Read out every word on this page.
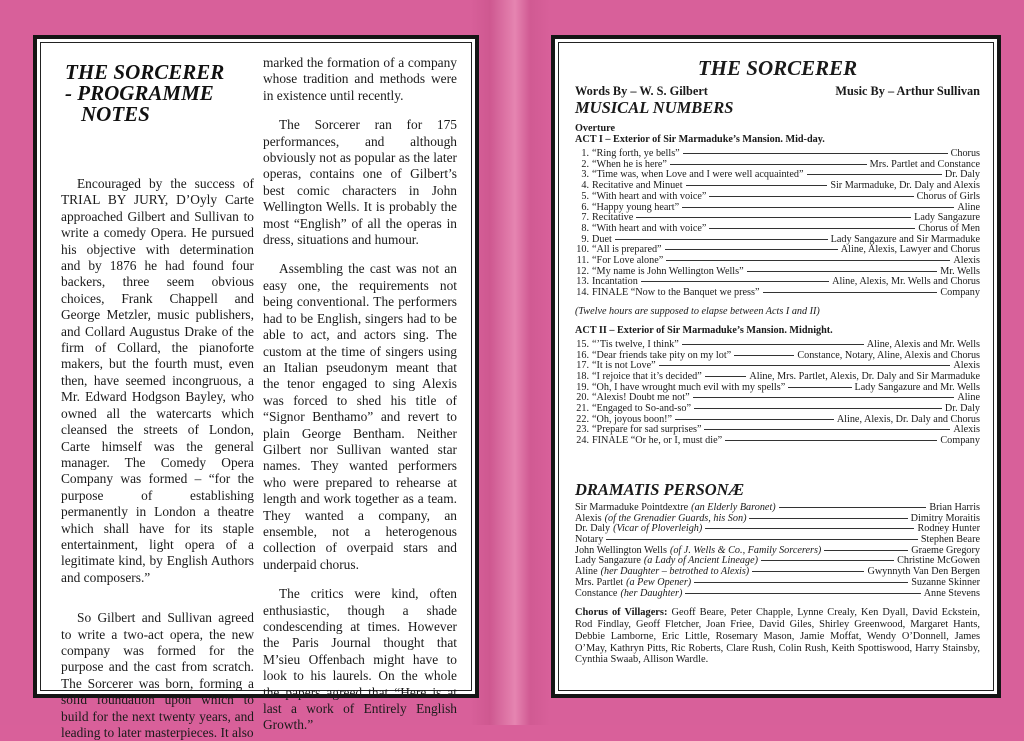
THE SORCERER
- PROGRAMME
NOTES

Encouraged by the success of TRIAL BY JURY, D’Oyly Carte approached Gilbert and Sullivan to write a comedy Opera. He pursued his objective with determination and by 1876 he had found four backers, three seem obvious choices, Frank Chappell and George Metzler, music publishers, and Collard Augustus Drake of the firm of Collard, the pianoforte makers, but the fourth must, even then, have seemed incongruous, a Mr. Edward Hodgson Bayley, who owned all the watercarts which cleansed the streets of London, Carte himself was the general manager. The Comedy Opera Company was formed – “for the purpose of establishing permanently in London a theatre which shall have for its staple entertainment, light opera of a legitimate kind, by English Authors and composers.”

So Gilbert and Sullivan agreed to write a two-act opera, the new company was formed for the purpose and the cast from scratch. The Sorcerer was born, forming a solid foundation upon which to build for the next twenty years, and leading to later masterpieces. It also

marked the formation of a company whose tradition and methods were in existence until recently.

The Sorcerer ran for 175 performances, and although obviously not as popular as the later operas, contains one of Gilbert’s best comic characters in John Wellington Wells. It is probably the most “English” of all the operas in dress, situations and humour.

Assembling the cast was not an easy one, the requirements not being conventional. The performers had to be English, singers had to be able to act, and actors sing. The custom at the time of singers using an Italian pseudonym meant that the tenor engaged to sing Alexis was forced to shed his title of “Signor Benthamo” and revert to plain George Bentham. Neither Gilbert nor Sullivan wanted star names. They wanted performers who were prepared to rehearse at length and work together as a team. They wanted a company, an ensemble, not a heterogenous collection of overpaid stars and underpaid chorus.

The critics were kind, often enthusiastic, though a shade condescending at times. However the Paris Journal thought that M’sieu Offenbach might have to look to his laurels. On the whole the papers agreed that “Here is at last a work of Entirely English Growth.”

THE SORCERER
Words By – W. S. Gilbert	Music By – Arthur Sullivan
MUSICAL NUMBERS
Overture
ACT I – Exterior of Sir Marmaduke’s Mansion. Mid-day.
1. “Ring forth, ye bells”	Chorus
2. “When he is here”	Mrs. Partlet and Constance
3. “Time was, when Love and I were well acquainted”	Dr. Daly
4. Recitative and Minuet	Sir Marmaduke, Dr. Daly and Alexis
5. “With heart and with voice”	Chorus of Girls
6. “Happy young heart”	Aline
7. Recitative	Lady Sangazure
8. “With heart and with voice”	Chorus of Men
9. Duet	Lady Sangazure and Sir Marmaduke
10. “All is prepared”	Aline, Alexis, Lawyer and Chorus
11. “For Love alone”	Alexis
12. “My name is John Wellington Wells”	Mr. Wells
13. Incantation	Aline, Alexis, Mr. Wells and Chorus
14. FINALE “Now to the Banquet we press”	Company
(Twelve hours are supposed to elapse between Acts I and II)
ACT II – Exterior of Sir Marmaduke’s Mansion. Midnight.
15. “’Tis twelve, I think”	Aline, Alexis and Mr. Wells
16. “Dear friends take pity on my lot”	Constance, Notary, Aline, Alexis and Chorus
17. “It is not Love”	Alexis
18. “I rejoice that it’s decided”	Aline, Mrs. Partlet, Alexis, Dr. Daly and Sir Marmaduke
19. “Oh, I have wrought much evil with my spells”	Lady Sangazure and Mr. Wells
20. “Alexis! Doubt me not”	Aline
21. “Engaged to So-and-so”	Dr. Daly
22. “Oh, joyous boon!”	Aline, Alexis, Dr. Daly and Chorus
23. “Prepare for sad surprises”	Alexis
24. FINALE “Or he, or I, must die”	Company
DRAMATIS PERSONÆ
Sir Marmaduke Pointdextre (an Elderly Baronet)	Brian Harris
Alexis (of the Grenadier Guards, his Son)	Dimitry Moraitis
Dr. Daly (Vicar of Ploverleigh)	Rodney Hunter
Notary	Stephen Beare
John Wellington Wells (of J. Wells & Co., Family Sorcerers)	Graeme Gregory
Lady Sangazure (a Lady of Ancient Lineage)	Christine McGowen
Aline (her Daughter – betrothed to Alexis)	Gwynnyth Van Den Bergen
Mrs. Partlet (a Pew Opener)	Suzanne Skinner
Constance (her Daughter)	Anne Stevens
Chorus of Villagers: Geoff Beare, Peter Chapple, Lynne Crealy, Ken Dyall, David Eckstein, Rod Findlay, Geoff Fletcher, Joan Friee, David Giles, Shirley Greenwood, Margaret Hants, Debbie Lamborne, Eric Little, Rosemary Mason, Jamie Moffat, Wendy O’Donnell, James O’May, Kathryn Pitts, Ric Roberts, Clare Rush, Colin Rush, Keith Spottiswood, Harry Stainsby, Cynthia Swaab, Allison Wardle.
